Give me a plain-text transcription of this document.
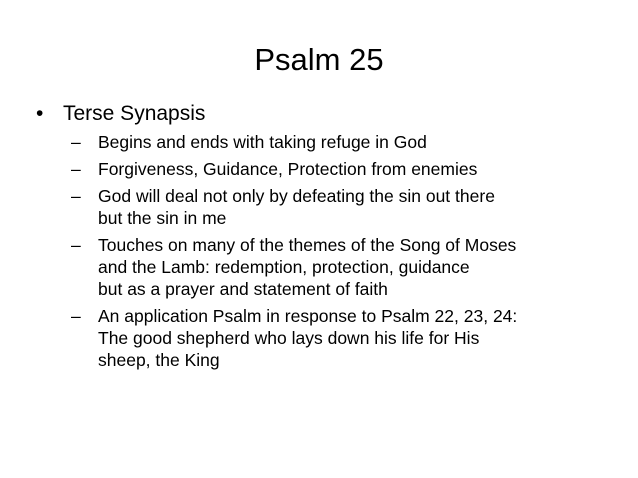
Psalm 25
• Terse Synapsis
– Begins and ends with taking refuge in God
– Forgiveness, Guidance, Protection from enemies
– God will deal not only by defeating the sin out there
but the sin in me
– Touches on many of the themes of the Song of Moses
and the Lamb: redemption, protection, guidance
but as a prayer and statement of faith
– An application Psalm in response to Psalm 22, 23, 24:
The good shepherd who lays down his life for His
sheep, the King
